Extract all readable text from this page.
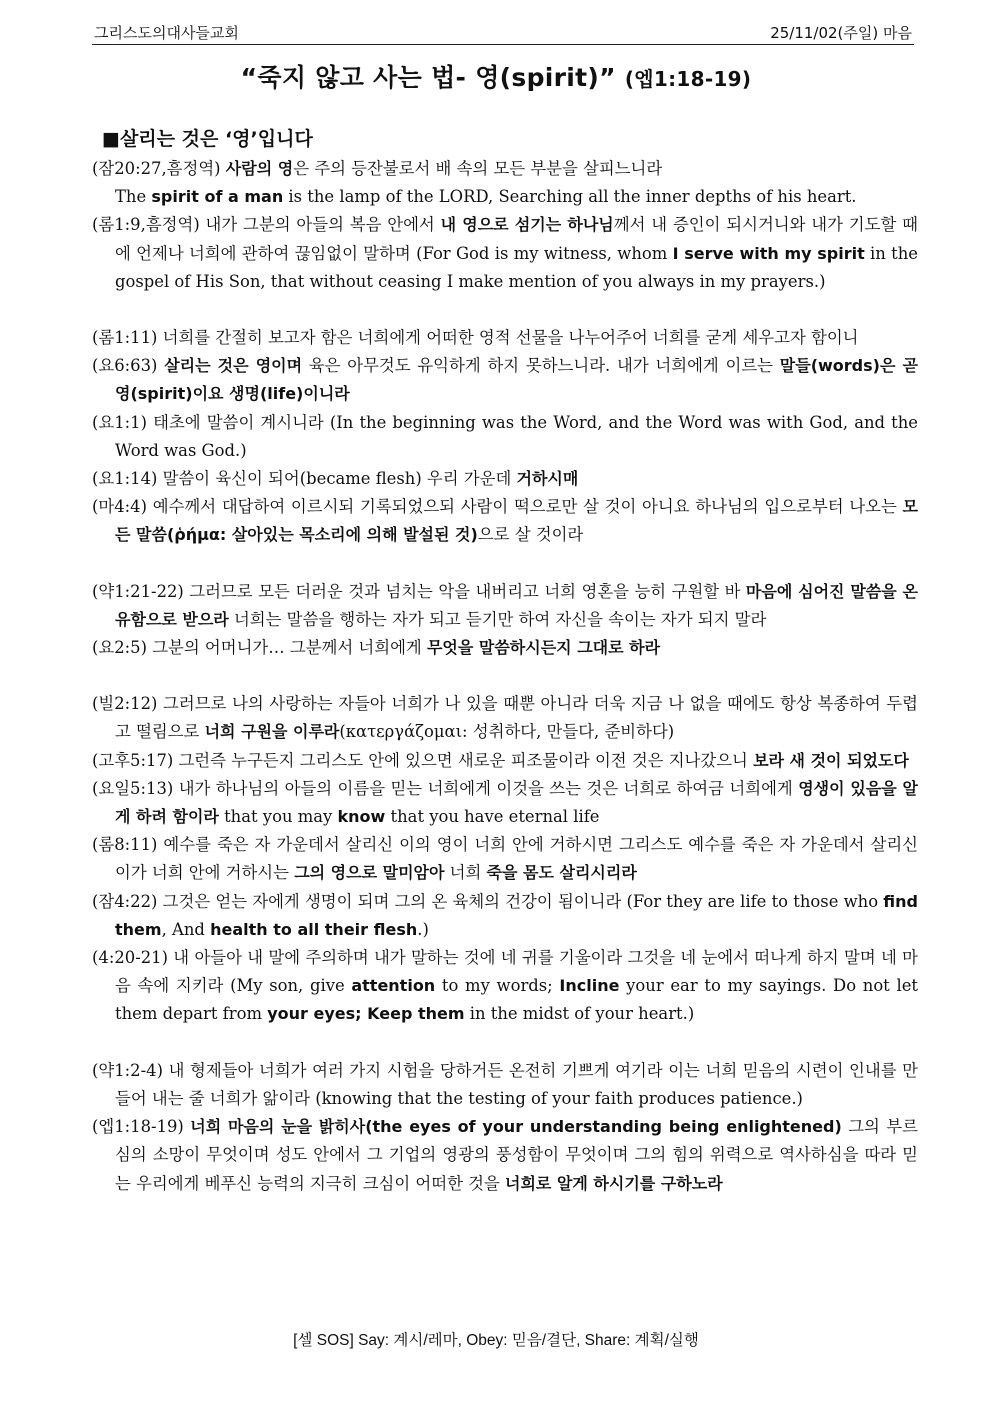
그리스도의대사들교회	25/11/02(주일) 마음
“죽지 않고 사는 법- 영(spirit)” (엡1:18-19)
■살리는 것은 ‘영’입니다
(잠20:27,흠정역) 사람의 영은 주의 등잔불로서 배 속의 모든 부분을 살피느니라
The spirit of a man is the lamp of the LORD, Searching all the inner depths of his heart.
(롬1:9,흠정역) 내가 그분의 아들의 복음 안에서 내 영으로 섬기는 하나님께서 내 증인이 되시거니와 내가 기도할 때에 언제나 너희에 관하여 끊임없이 말하며 (For God is my witness, whom I serve with my spirit in the gospel of His Son, that without ceasing I make mention of you always in my prayers.)
(롬1:11) 너희를 간절히 보고자 함은 너희에게 어떠한 영적 선물을 나누어주어 너희를 굳게 세우고자 함이니
(요6:63) 살리는 것은 영이며 육은 아무것도 유익하게 하지 못하느니라. 내가 너희에게 이르는 말들(words)은 곧 영(spirit)이요 생명(life)이니라
(요1:1) 태초에 말씀이 계시니라 (In the beginning was the Word, and the Word was with God, and the Word was God.)
(요1:14) 말씀이 육신이 되어(became flesh) 우리 가운데 거하시매
(마4:4) 예수께서 대답하여 이르시되 기록되었으되 사람이 떡으로만 살 것이 아니요 하나님의 입으로부터 나오는 모든 말씀(ῥήμα: 살아있는 목소리에 의해 발설된 것)으로 살 것이라
(약1:21-22) 그러므로 모든 더러운 것과 넘치는 악을 내버리고 너희 영혼을 능히 구원할 바 마음에 심어진 말씀을 온유함으로 받으라 너희는 말씀을 행하는 자가 되고 듣기만 하여 자신을 속이는 자가 되지 말라
(요2:5) 그분의 어머니가… 그분께서 너희에게 무엇을 말씀하시든지 그대로 하라
(빌2:12) 그러므로 나의 사랑하는 자들아 너희가 나 있을 때뿐 아니라 더욱 지금 나 없을 때에도 항상 복종하여 두렵고 떨림으로 너희 구원을 이루라(κατεργάζομαι: 성취하다, 만들다, 준비하다)
(고후5:17) 그런즉 누구든지 그리스도 안에 있으면 새로운 피조물이라 이전 것은 지나갔으니 보라 새 것이 되었도다
(요일5:13) 내가 하나님의 아들의 이름을 믿는 너희에게 이것을 쓰는 것은 너희로 하여금 너희에게 영생이 있음을 알게 하려 함이라 that you may know that you have eternal life
(롬8:11) 예수를 죽은 자 가운데서 살리신 이의 영이 너희 안에 거하시면 그리스도 예수를 죽은 자 가운데서 살리신 이가 너희 안에 거하시는 그의 영으로 말미암아 너희 죽을 몸도 살리시리라
(잠4:22) 그것은 얻는 자에게 생명이 되며 그의 온 육체의 건강이 됨이니라 (For they are life to those who find them, And health to all their flesh.)
(4:20-21) 내 아들아 내 말에 주의하며 내가 말하는 것에 네 귀를 기울이라 그것을 네 눈에서 떠나게 하지 말며 네 마음 속에 지키라 (My son, give attention to my words; Incline your ear to my sayings. Do not let them depart from your eyes; Keep them in the midst of your heart.)
(약1:2-4) 내 형제들아 너희가 여러 가지 시험을 당하거든 온전히 기쁘게 여기라 이는 너희 믿음의 시련이 인내를 만들어 내는 줄 너희가 앎이라 (knowing that the testing of your faith produces patience.)
(엡1:18-19) 너희 마음의 눈을 밝히사(the eyes of your understanding being enlightened) 그의 부르심의 소망이 무엇이며 성도 안에서 그 기업의 영광의 풍성함이 무엇이며 그의 힘의 위력으로 역사하심을 따라 믿는 우리에게 베푸신 능력의 지극히 크심이 어떠한 것을 너희로 알게 하시기를 구하노라
[셀 SOS] Say: 계시/레마, Obey: 믿음/결단, Share: 계획/실행
